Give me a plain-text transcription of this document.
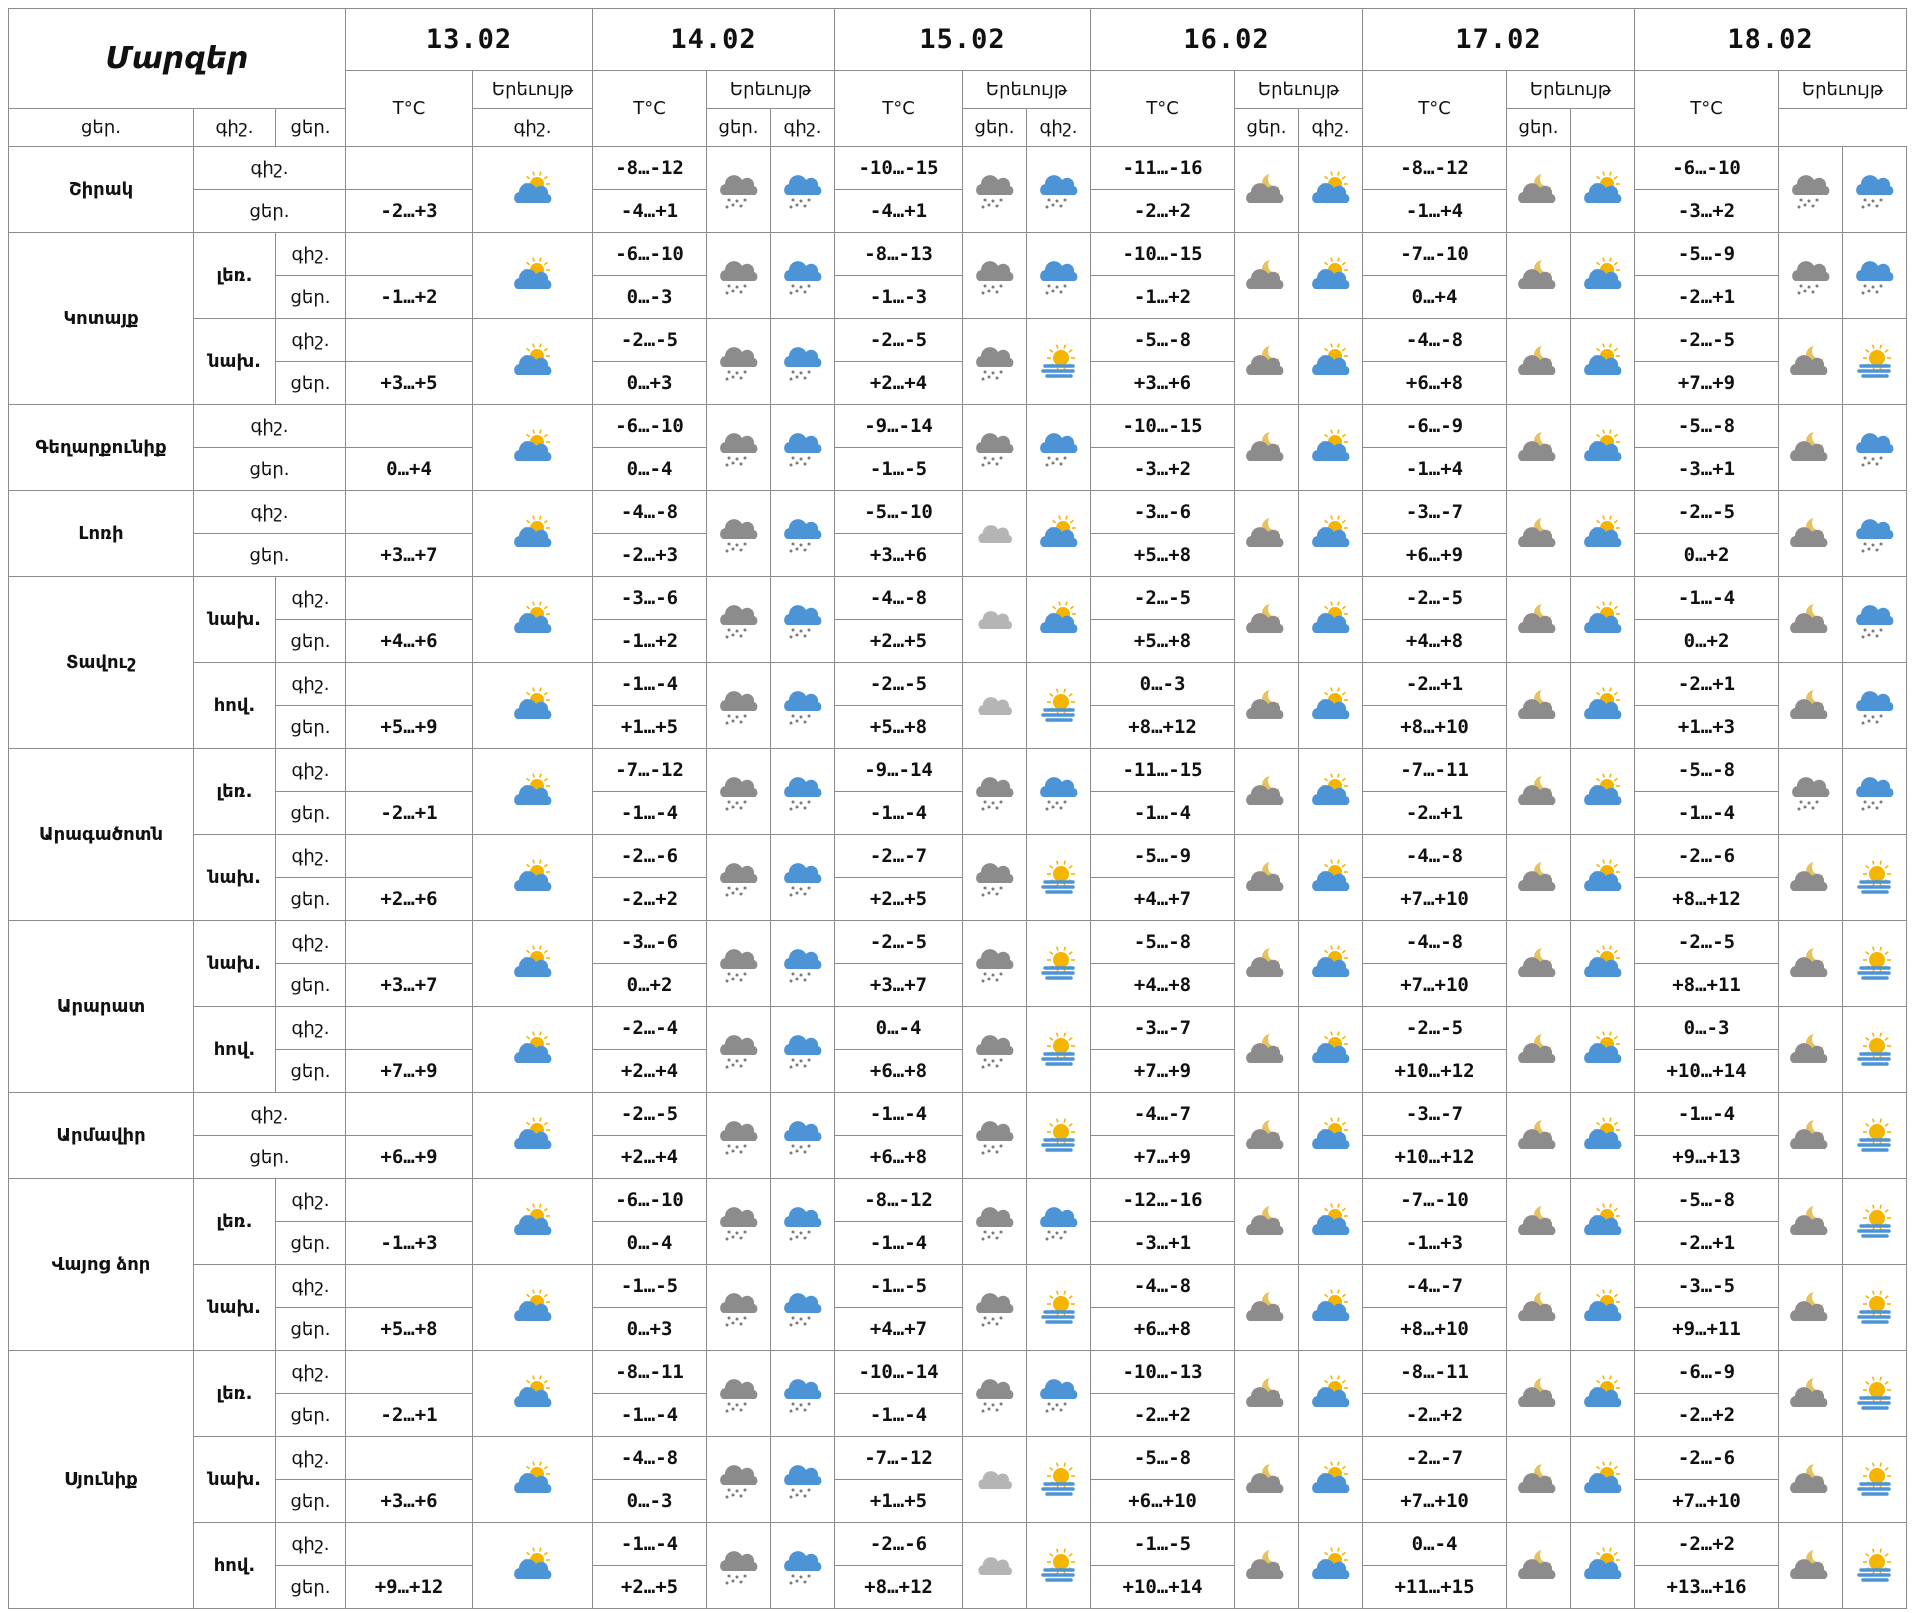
Մարզեր			13.02		14.02			15.02			16.02			17.02			18.02		
			T°C	Երեւույթ	T°C	Երեւույթ		T°C	Երեւույթ		T°C	Երեւույթ		T°C	Երեւույթ		T°C	Երեւույթ	
ցեր.	գիշ.	ցեր.		գիշ.		ցեր.	գիշ.		ցեր.	գիշ.		ցեր.	գիշ.		ցեր.				
Շիրակ	գիշ.				-8…-12			-10…-15			-11…-16			-8…-12			-6…-10	

	ցեր.		-2…+3		-4…+1			-4…+1			-2…+2			-1…+4			-3…+2		
Կոտայք	լեռ.	գիշ.			-6…-10			-8…-13			-10…-15			-7…-10			-5…-9	

		ցեր.	-1…+2		0…-3			-1…-3			-1…+2			0…+4			-2…+1		
	նախ.	գիշ.			-2…-5			-2…-5			-5…-8			-4…-8			-2…-5	

		ցեր.	+3…+5		0…+3			+2…+4			+3…+6			+6…+8			+7…+9		
Գեղարքունիք	գիշ.				-6…-10			-9…-14			-10…-15			-6…-9			-5…-8	

	ցեր.		0…+4		0…-4			-1…-5			-3…+2			-1…+4			-3…+1		
Լոռի	գիշ.				-4…-8			-5…-10			-3…-6			-3…-7			-2…-5	

	ցեր.		+3…+7		-2…+3			+3…+6			+5…+8			+6…+9			0…+2		
Տավուշ	նախ.	գիշ.			-3…-6			-4…-8			-2…-5			-2…-5			-1…-4	

		ցեր.	+4…+6		-1…+2			+2…+5			+5…+8			+4…+8			0…+2		
	հով.	գիշ.			-1…-4			-2…-5			0…-3			-2…+1			-2…+1	

		ցեր.	+5…+9		+1…+5			+5…+8			+8…+12			+8…+10			+1…+3		
Արագածոտն	լեռ.	գիշ.			-7…-12			-9…-14			-11…-15			-7…-11			-5…-8	

		ցեր.	-2…+1		-1…-4			-1…-4			-1…-4			-2…+1			-1…-4		
	նախ.	գիշ.			-2…-6			-2…-7			-5…-9			-4…-8			-2…-6	

		ցեր.	+2…+6		-2…+2			+2…+5			+4…+7			+7…+10			+8…+12		
Արարատ	նախ.	գիշ.			-3…-6			-2…-5			-5…-8			-4…-8			-2…-5	

		ցեր.	+3…+7		0…+2			+3…+7			+4…+8			+7…+10			+8…+11		
	հով.	գիշ.			-2…-4			0…-4			-3…-7			-2…-5			0…-3	

		ցեր.	+7…+9		+2…+4			+6…+8			+7…+9			+10…+12			+10…+14		
Արմավիր	գիշ.				-2…-5			-1…-4			-4…-7			-3…-7			-1…-4	

	ցեր.		+6…+9		+2…+4			+6…+8			+7…+9			+10…+12			+9…+13		
Վայոց ձոր	լեռ.	գիշ.			-6…-10			-8…-12			-12…-16			-7…-10			-5…-8	

		ցեր.	-1…+3		0…-4			-1…-4			-3…+1			-1…+3			-2…+1		
	նախ.	գիշ.			-1…-5			-1…-5			-4…-8			-4…-7			-3…-5	

		ցեր.	+5…+8		0…+3			+4…+7			+6…+8			+8…+10			+9…+11		
Սյունիք	լեռ.	գիշ.			-8…-11			-10…-14			-10…-13			-8…-11			-6…-9	

		ցեր.	-2…+1		-1…-4			-1…-4			-2…+2			-2…+2			-2…+2		
	նախ.	գիշ.			-4…-8			-7…-12			-5…-8			-2…-7			-2…-6	

		ցեր.	+3…+6		0…-3			+1…+5			+6…+10			+7…+10			+7…+10		
	հով.	գիշ.			-1…-4			-2…-6			-1…-5			0…-4			-2…+2	

		ցեր.	+9…+12		+2…+5			+8…+12			+10…+14			+11…+15			+13…+16		
